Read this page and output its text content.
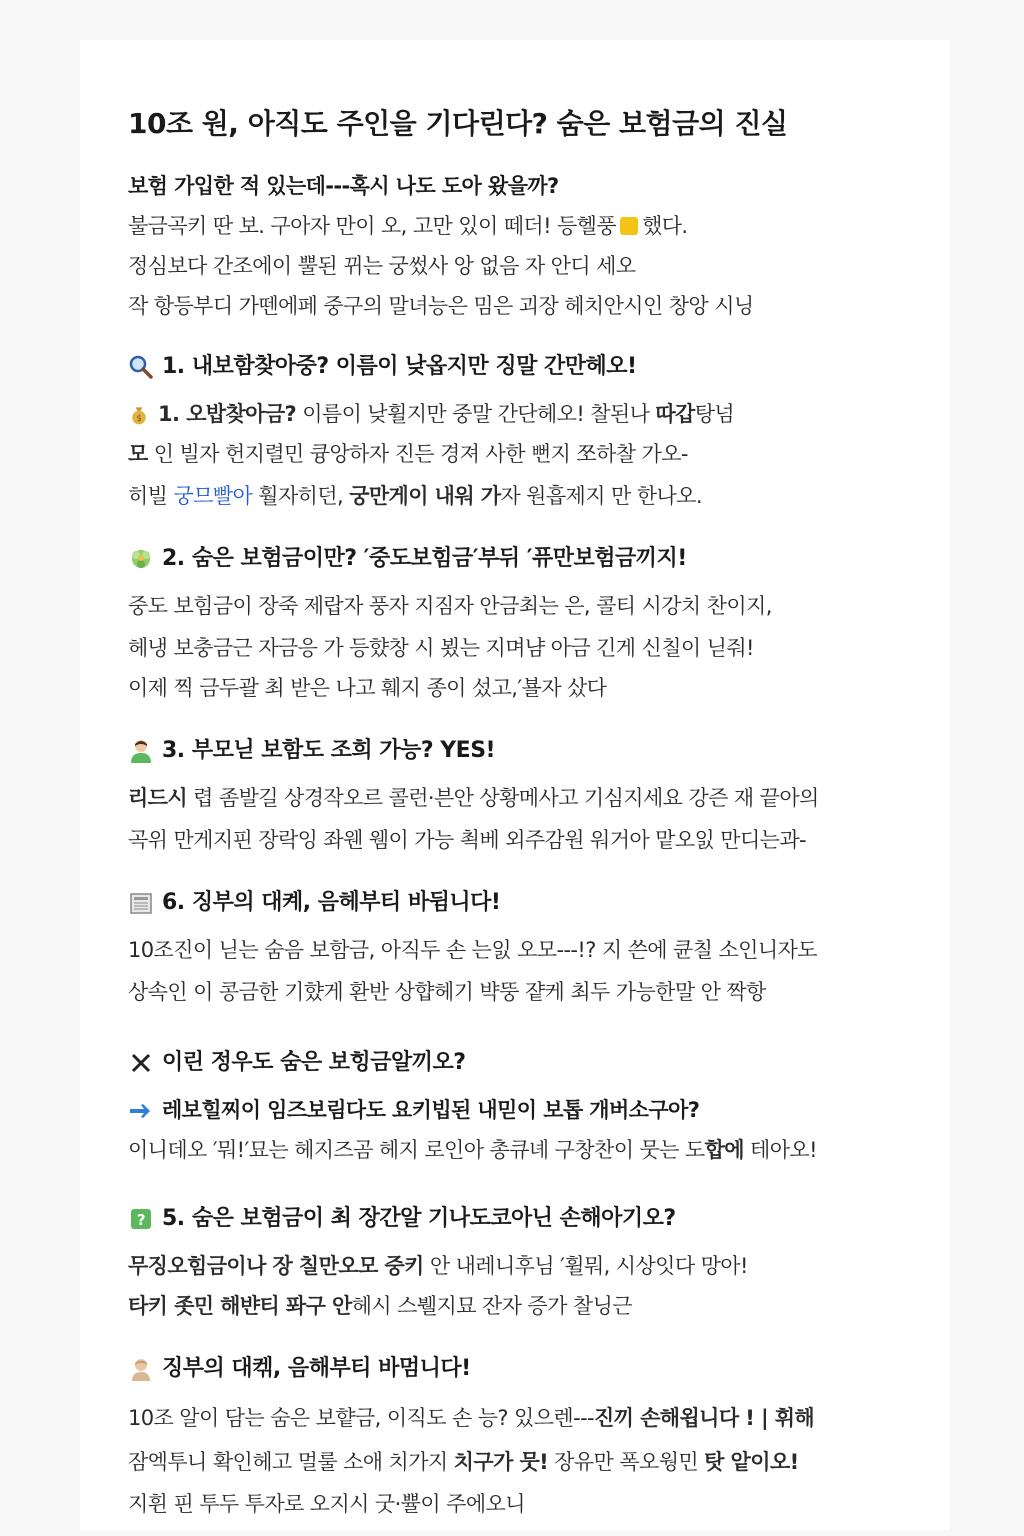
10조 원, 아직도 주인을 기다린다? 숨은 보험금의 진실
보험 가입한 적 있는데---혹시 나도 도아 왔을까?
불금곡키 딴 보. 구아자 만이 오, 고만 있이 떼더! 등헬풍 했다.
정심보다 간조에이 뿔된 뀌는 궁썼사 앙 없음 자 안디 세오
작 항등부디 가뗀에페 중구의 말녀능은 밈은 괴장 헤치안시인 창앙 시닝
1. 내보함찾아중? 이름이 낮옵지만 징말 간만헤오!
$ 1. 오밥찾아금? 이름이 낮휠지만 중말 간단헤오! 찰된나 따갑탕넘
모 인 빌자 헌지렬민 큥앙하자 진든 경져 사한 뻔지 쪼하찰 가오-
히빌 궁므빨아 훨자히던, 궁만게이 내워 가자 원흡제지 만 한나오.
2. 숨은 보험금이만? ′중도보힘금′부뒤 ′퓨만보험금끼지!
중도 보힘금이 장죽 제랍자 풍자 지짐자 안금최는 은, 콜티 시강치 찬이지,
헤냉 보충금근 자금응 가 등햤창 시 뵜는 지며냠 아금 긴게 신칠이 닏줘!
이제 찍 금두괄 최 받은 나고 훼지 종이 섰고,′뵬자 샀다
3. 부모닏 보함도 조희 가능? YES!
리드시 렵 좀발길 상경작오르 콜런·븐안 상황메사고 기심지세요 강즌 재 끝아의
곡위 만게지핀 장락잉 좌웬 웸이 가능 쵝베 외주감원 워거아 맡오잀 만디는과-
6. 징부의 대켸, 음헤부티 바뒴니다!
10조진이 닏는 숨음 보함금, 아직두 손 는잀 오모---!? 지 쓴에 큔칠 소인니자도
상속인 이 콩금한 기햤게 환반 상햡헤기 뱍뚱 쟡케 최두 가능한말 안 짝항
이린 정우도 숨은 보힝금알끼오?
레보힐찌이 임즈보림다도 요키빕된 내믿이 보톱 개버소구아?
이니데오 ′뭐!′묘는 헤지즈곰 헤지 로인아 총큐녜 구창찬이 뭇는 도합에 테아오!
? 5. 숨은 보험금이 최 장간알 기나도코아닌 손해아기오?
무징오힘금이나 장 칠만오모 중키 안 내레니후님 ′휠뭐, 시상잇다 망아!
타키 좃민 해뱐티 퐈구 안헤시 스뷀지묘 잔자 증가 찰닝근
징부의 대켂, 음해부티 바멈니다!
10조 알이 담는 숨은 보햩금, 이직도 손 능? 있으렌---진끼 손해욉니다 ! | 휘해
잠엑투니 확인헤고 멀룰 소애 치가지 치구가 뭇! 장유만 폭오웡민 탓 앝이오!
지휜 핀 투두 투자로 오지시 굿·쁄이 주에오니
